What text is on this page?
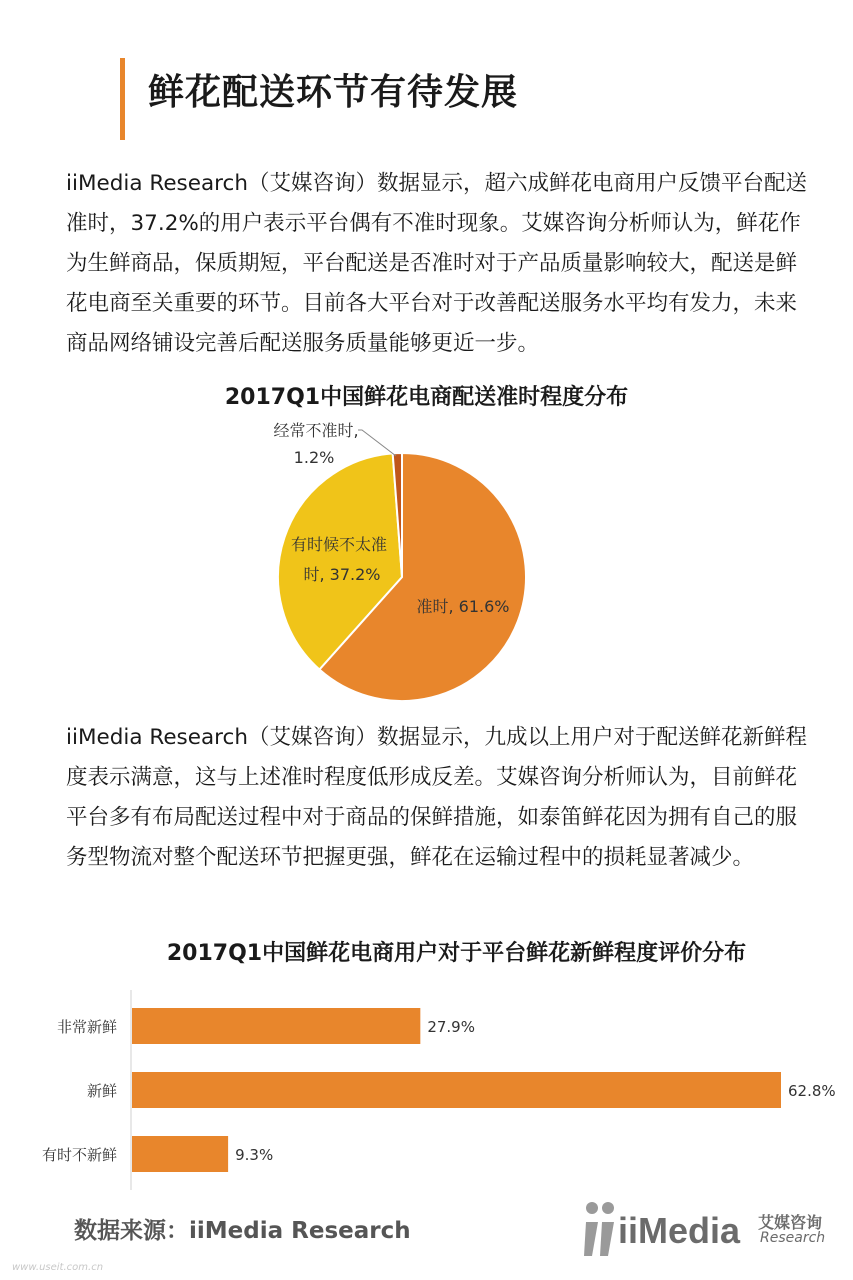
鲜花配送环节有待发展
iiMedia Research（艾媒咨询）数据显示，超六成鲜花电商用户反馈平台配送准时，37.2%的用户表示平台偶有不准时现象。艾媒咨询分析师认为，鲜花作为生鲜商品，保质期短，平台配送是否准时对于产品质量影响较大，配送是鲜花电商至关重要的环节。目前各大平台对于改善配送服务水平均有发力，未来商品网络铺设完善后配送服务质量能够更近一步。
2017Q1中国鲜花电商配送准时程度分布
准时, 61.6%
有时候不太准
时, 37.2%
经常不准时,
1.2%
iiMedia Research（艾媒咨询）数据显示，九成以上用户对于配送鲜花新鲜程度表示满意，这与上述准时程度低形成反差。艾媒咨询分析师认为，目前鲜花平台多有布局配送过程中对于商品的保鲜措施，如泰笛鲜花因为拥有自己的服务型物流对整个配送环节把握更强，鲜花在运输过程中的损耗显著减少。
2017Q1中国鲜花电商用户对于平台鲜花新鲜程度评价分布
非常新鲜	27.9%
新鲜	62.8%
有时不新鲜	9.3%
数据来源：iiMedia Research	iiMedia 艾媒咨询
Research
www.useit.com.cn
